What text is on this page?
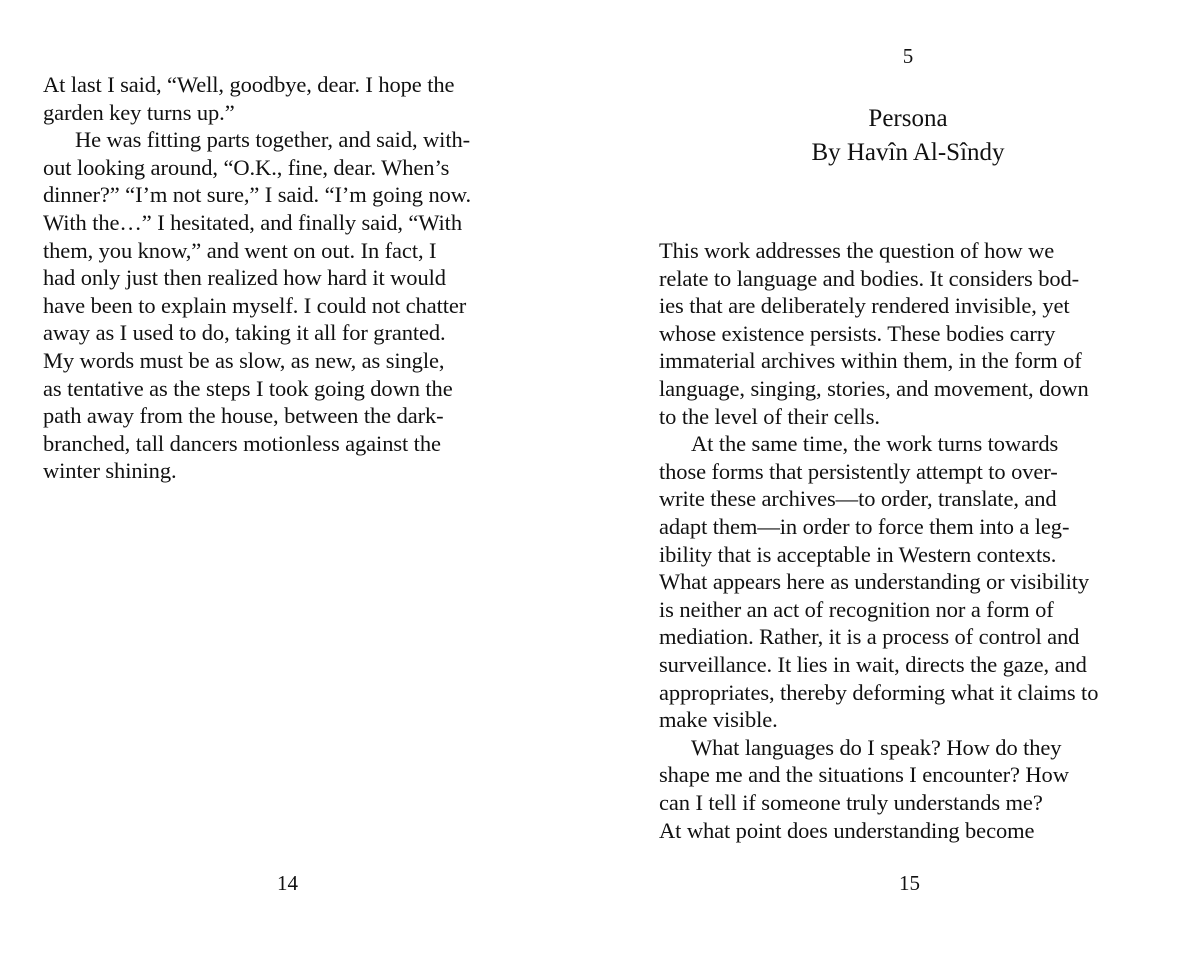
At last I said, “Well, goodbye, dear. I hope the
garden key turns up.”
He was fitting parts together, and said, with-
out looking around, “O.K., fine, dear. When’s
dinner?” “I’m not sure,” I said. “I’m going now.
With the…” I hesitated, and finally said, “With
them, you know,” and went on out. In fact, I
had only just then realized how hard it would
have been to explain myself. I could not chatter
away as I used to do, taking it all for granted.
My words must be as slow, as new, as single,
as tentative as the steps I took going down the
path away from the house, between the dark-
branched, tall dancers motionless against the
winter shining.
14
5
Persona
By Havîn Al-Sîndy
This work addresses the question of how we
relate to language and bodies. It considers bod-
ies that are deliberately rendered invisible, yet
whose existence persists. These bodies carry
immaterial archives within them, in the form of
language, singing, stories, and movement, down
to the level of their cells.
At the same time, the work turns towards
those forms that persistently attempt to over-
write these archives—to order, translate, and
adapt them—in order to force them into a leg-
ibility that is acceptable in Western contexts.
What appears here as understanding or visibility
is neither an act of recognition nor a form of
mediation. Rather, it is a process of control and
surveillance. It lies in wait, directs the gaze, and
appropriates, thereby deforming what it claims to
make visible.
What languages do I speak? How do they
shape me and the situations I encounter? How
can I tell if someone truly understands me?
At what point does understanding become
15
